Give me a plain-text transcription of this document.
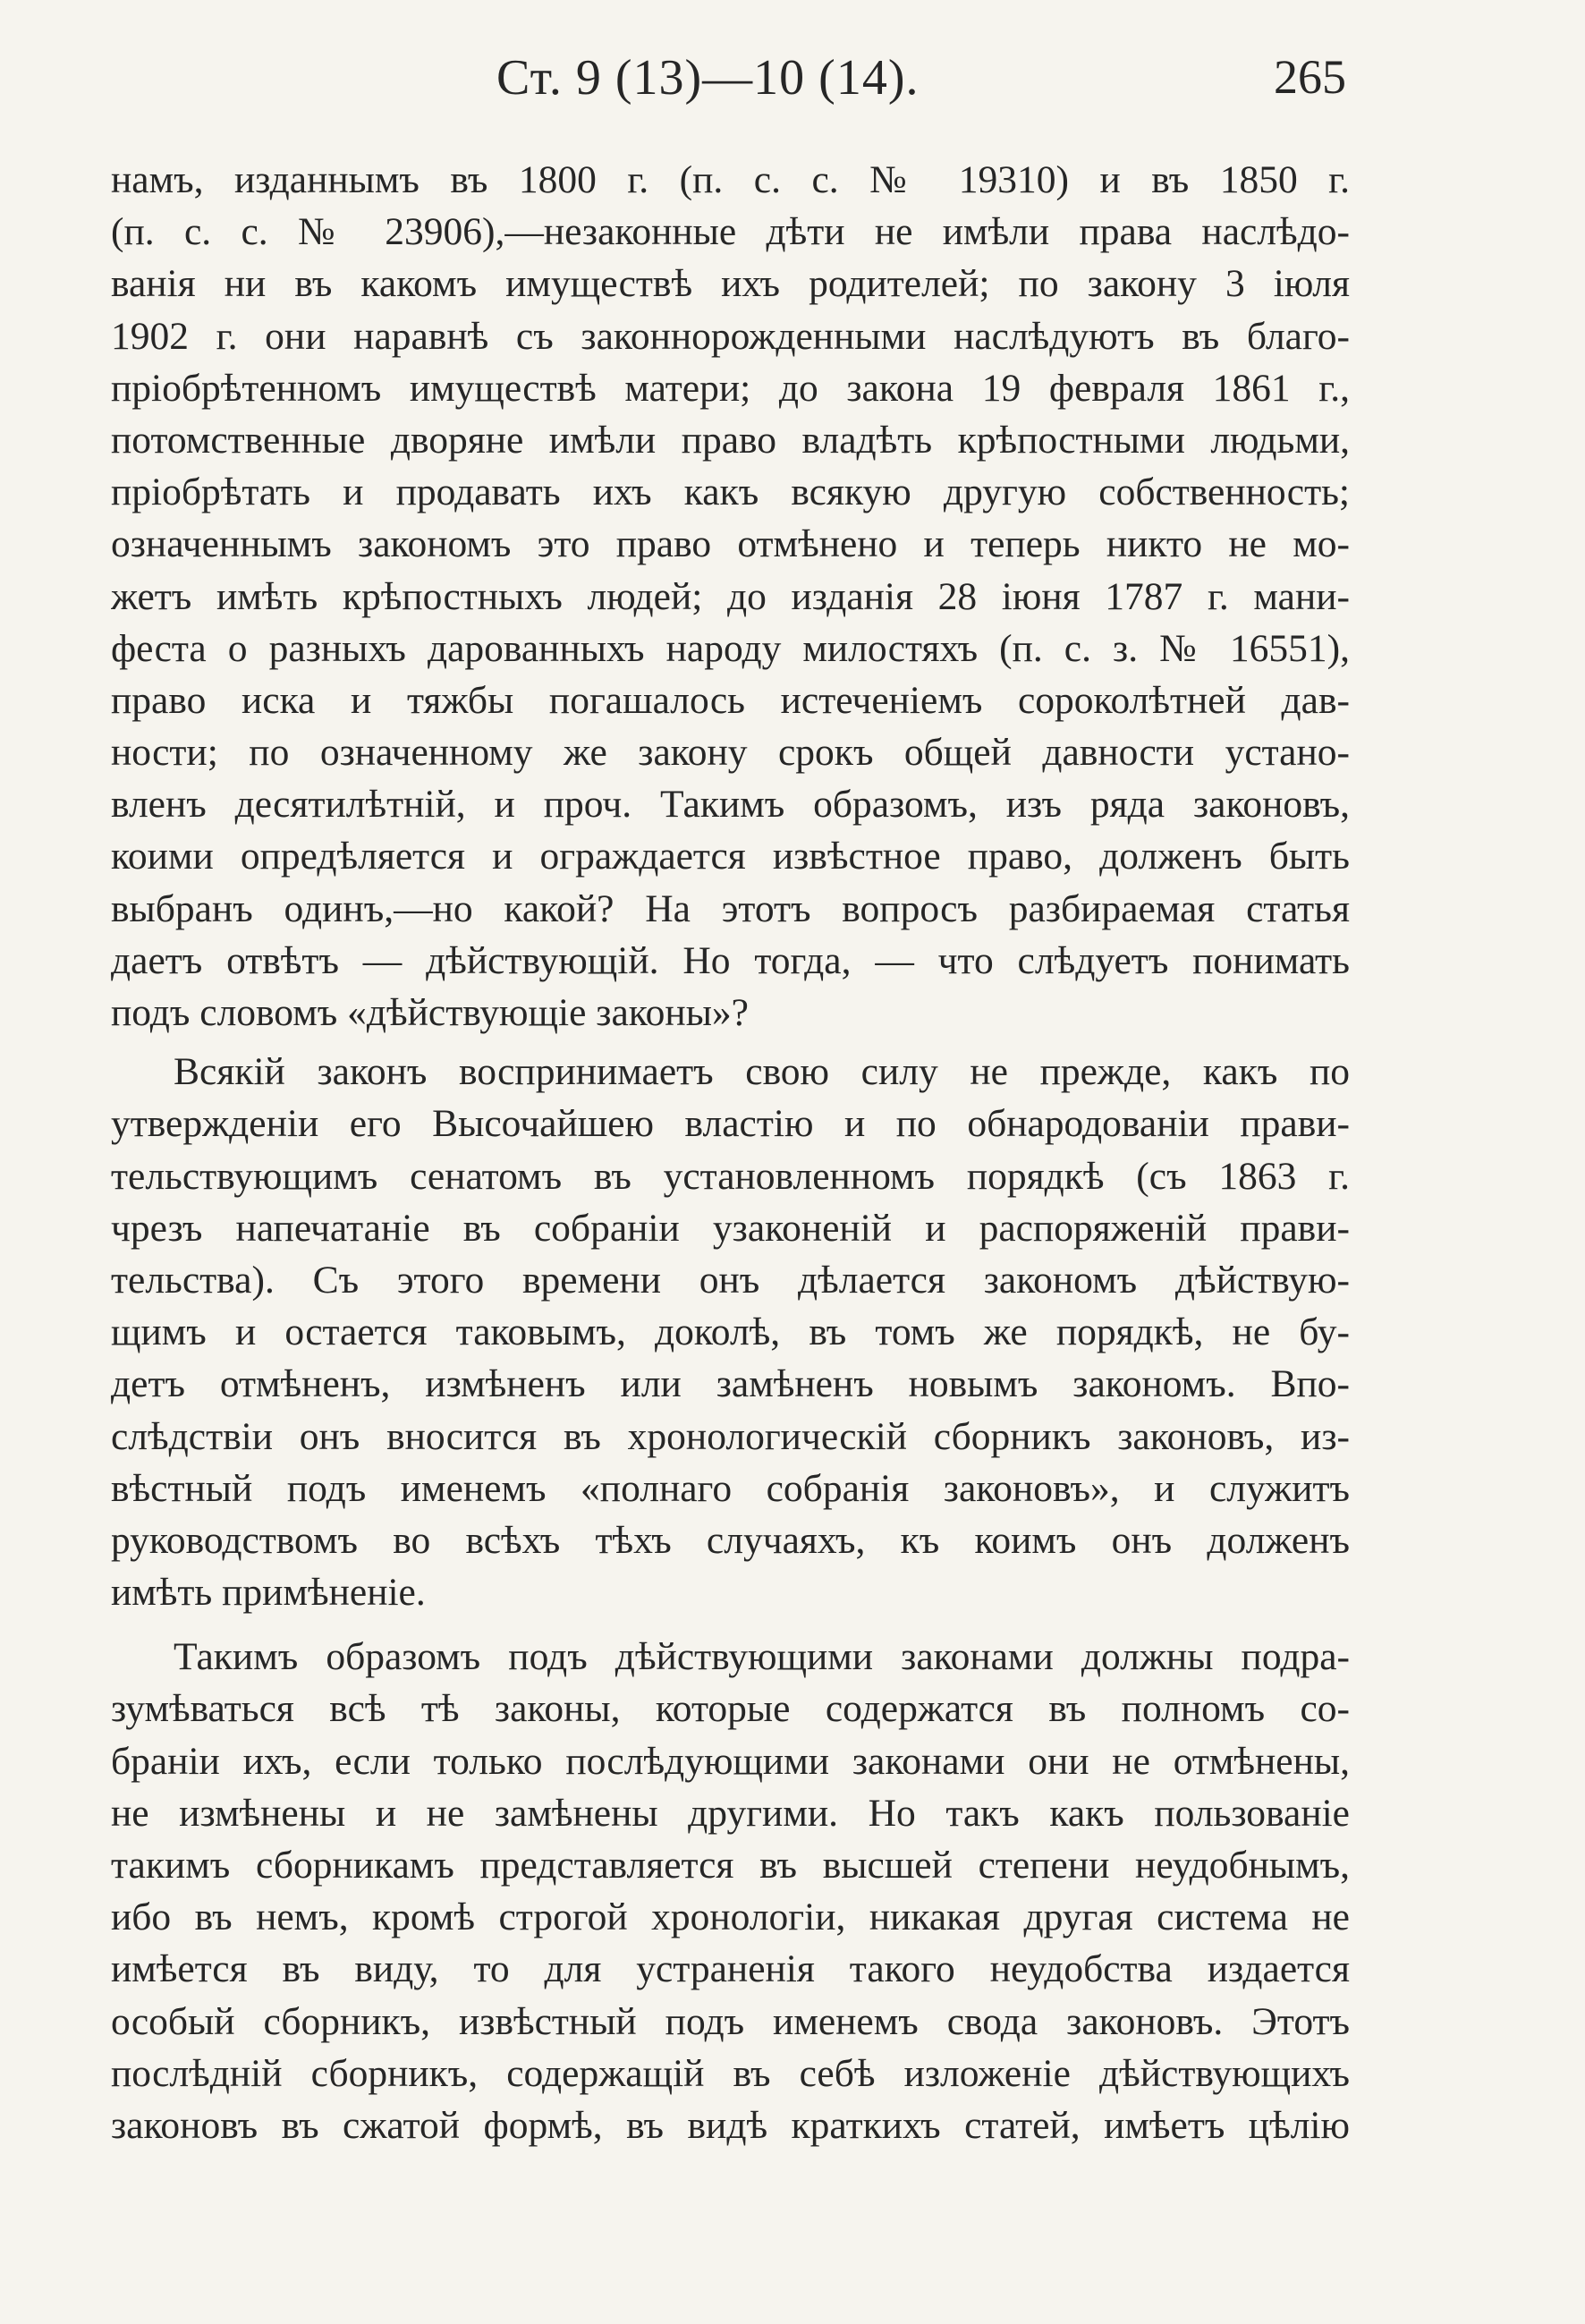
Ст. 9 (13)—10 (14).	265
намъ, изданнымъ въ 1800 г. (п. с. с. № 19310) и въ 1850 г.
(п. с. с. № 23906),—незаконные дѣти не имѣли права наслѣдо-
ванія ни въ какомъ имуществѣ ихъ родителей; по закону 3 іюля
1902 г. они наравнѣ съ законнорожденными наслѣдуютъ въ благо-
пріобрѣтенномъ имуществѣ матери; до закона 19 февраля 1861 г.,
потомственные дворяне имѣли право владѣть крѣпостными людьми,
пріобрѣтать и продавать ихъ какъ всякую другую собственность;
означеннымъ закономъ это право отмѣнено и теперь никто не мо-
жетъ имѣть крѣпостныхъ людей; до изданія 28 іюня 1787 г. мани-
феста о разныхъ дарованныхъ народу милостяхъ (п. с. з. № 16551),
право иска и тяжбы погашалось истеченіемъ сороколѣтней дав-
ности; по означенному же закону срокъ общей давности устано-
вленъ десятилѣтній, и проч. Такимъ образомъ, изъ ряда законовъ,
коими опредѣляется и ограждается извѣстное право, долженъ быть
выбранъ одинъ,—но какой? На этотъ вопросъ разбираемая статья
даетъ отвѣтъ — дѣйствующій. Но тогда, — что слѣдуетъ понимать
подъ словомъ «дѣйствующіе законы»?
Всякій законъ воспринимаетъ свою силу не прежде, какъ по
утвержденіи его Высочайшею властію и по обнародованіи прави-
тельствующимъ сенатомъ въ установленномъ порядкѣ (съ 1863 г.
чрезъ напечатаніе въ собраніи узаконеній и распоряженій прави-
тельства). Съ этого времени онъ дѣлается закономъ дѣйствую-
щимъ и остается таковымъ, доколѣ, въ томъ же порядкѣ, не бу-
детъ отмѣненъ, измѣненъ или замѣненъ новымъ закономъ. Впо-
слѣдствіи онъ вносится въ хронологическій сборникъ законовъ, из-
вѣстный подъ именемъ «полнаго собранія законовъ», и служитъ
руководствомъ во всѣхъ тѣхъ случаяхъ, къ коимъ онъ долженъ
имѣть примѣненіе.
Такимъ образомъ подъ дѣйствующими законами должны подра-
зумѣваться всѣ тѣ законы, которые содержатся въ полномъ со-
браніи ихъ, если только послѣдующими законами они не отмѣнены,
не измѣнены и не замѣнены другими. Но такъ какъ пользованіе
такимъ сборникамъ представляется въ высшей степени неудобнымъ,
ибо въ немъ, кромѣ строгой хронологіи, никакая другая система не
имѣется въ виду, то для устраненія такого неудобства издается
особый сборникъ, извѣстный подъ именемъ свода законовъ. Этотъ
послѣдній сборникъ, содержащій въ себѣ изложеніе дѣйствующихъ
законовъ въ сжатой формѣ, въ видѣ краткихъ статей, имѣетъ цѣлію
